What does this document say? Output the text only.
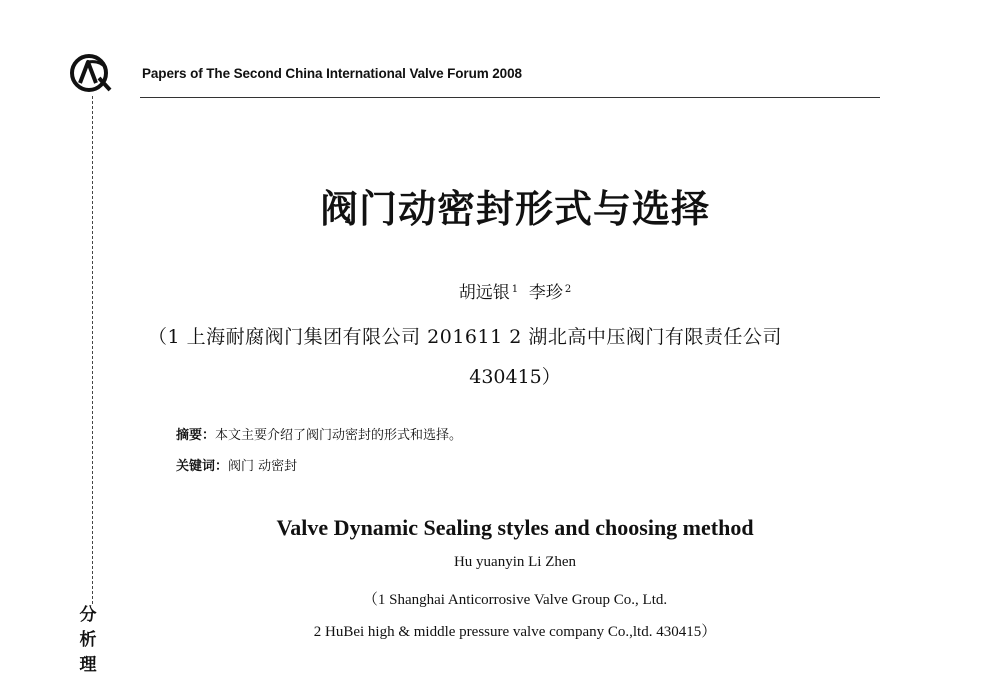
Papers of The Second China International Valve Forum 2008
阀门动密封形式与选择
胡远银 $^1$ 李珍 $^2$
（1 上海耐腐阀门集团有限公司 201611 2 湖北高中压阀门有限责任公司
430415）
摘要：本文主要介绍了阀门动密封的形式和选择。
关键词：阀门 动密封
Valve Dynamic Sealing styles and choosing method
Hu yuanyin Li Zhen
（1 Shanghai Anticorrosive Valve Group Co., Ltd.
2 HuBei high & middle pressure valve company Co.,ltd. 430415）
分
析
理
